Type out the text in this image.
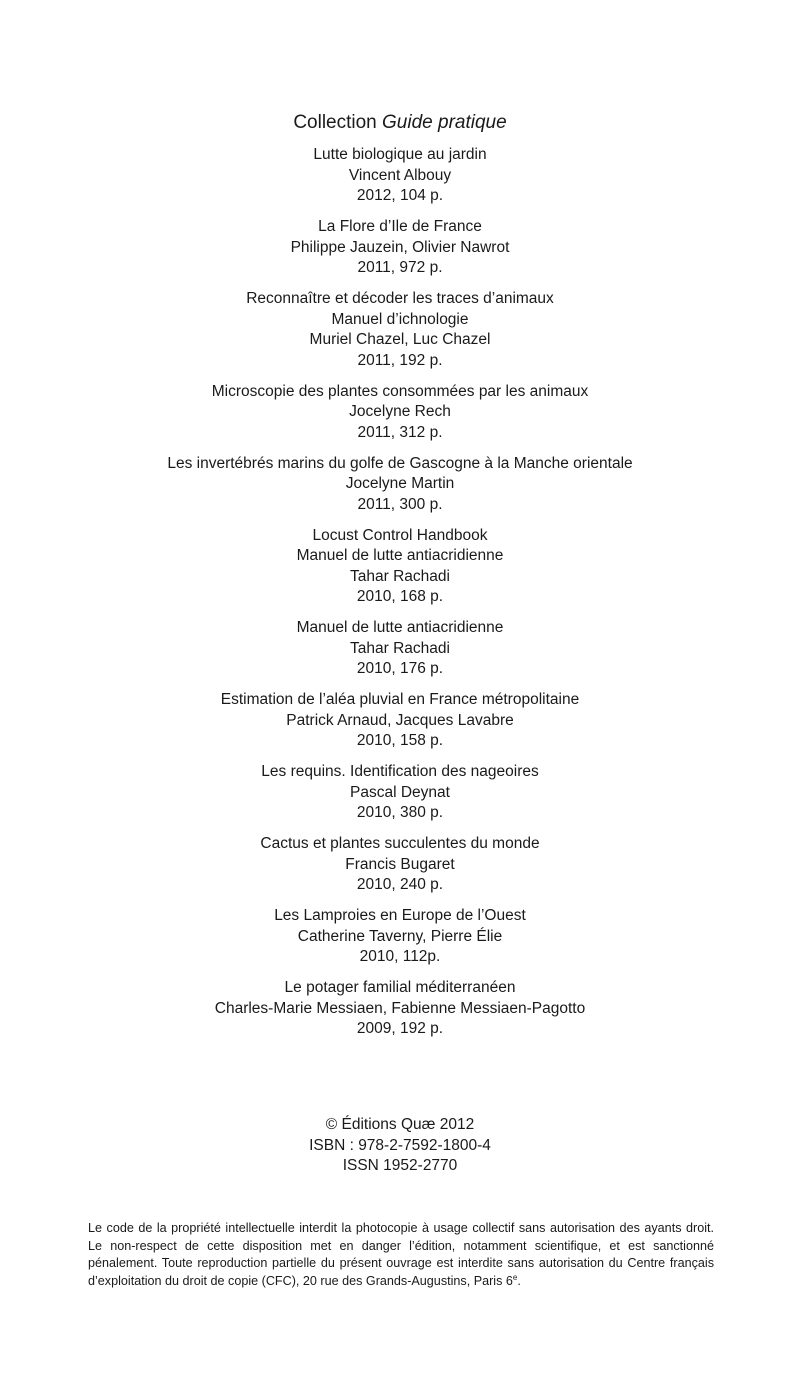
Collection Guide pratique
Lutte biologique au jardin
Vincent Albouy
2012, 104 p.
La Flore d’Ile de France
Philippe Jauzein, Olivier Nawrot
2011, 972 p.
Reconnaître et décoder les traces d’animaux
Manuel d’ichnologie
Muriel Chazel, Luc Chazel
2011, 192 p.
Microscopie des plantes consommées par les animaux
Jocelyne Rech
2011, 312 p.
Les invertébrés marins du golfe de Gascogne à la Manche orientale
Jocelyne Martin
2011, 300 p.
Locust Control Handbook
Manuel de lutte antiacridienne
Tahar Rachadi
2010, 168 p.
Manuel de lutte antiacridienne
Tahar Rachadi
2010, 176 p.
Estimation de l’aléa pluvial en France métropolitaine
Patrick Arnaud, Jacques Lavabre
2010, 158 p.
Les requins. Identification des nageoires
Pascal Deynat
2010, 380 p.
Cactus et plantes succulentes du monde
Francis Bugaret
2010, 240 p.
Les Lamproies en Europe de l’Ouest
Catherine Taverny, Pierre Élie
2010, 112p.
Le potager familial méditerranéen
Charles-Marie Messiaen, Fabienne Messiaen-Pagotto
2009, 192 p.
© Éditions Quæ 2012
ISBN : 978-2-7592-1800-4
ISSN 1952-2770
Le code de la propriété intellectuelle interdit la photocopie à usage collectif sans autorisation des ayants droit. Le non-respect de cette disposition met en danger l’édition, notamment scientifique, et est sanctionné pénalement. Toute reproduction partielle du présent ouvrage est interdite sans autorisation du Centre français d’exploitation du droit de copie (CFC), 20 rue des Grands-Augustins, Paris 6e.
